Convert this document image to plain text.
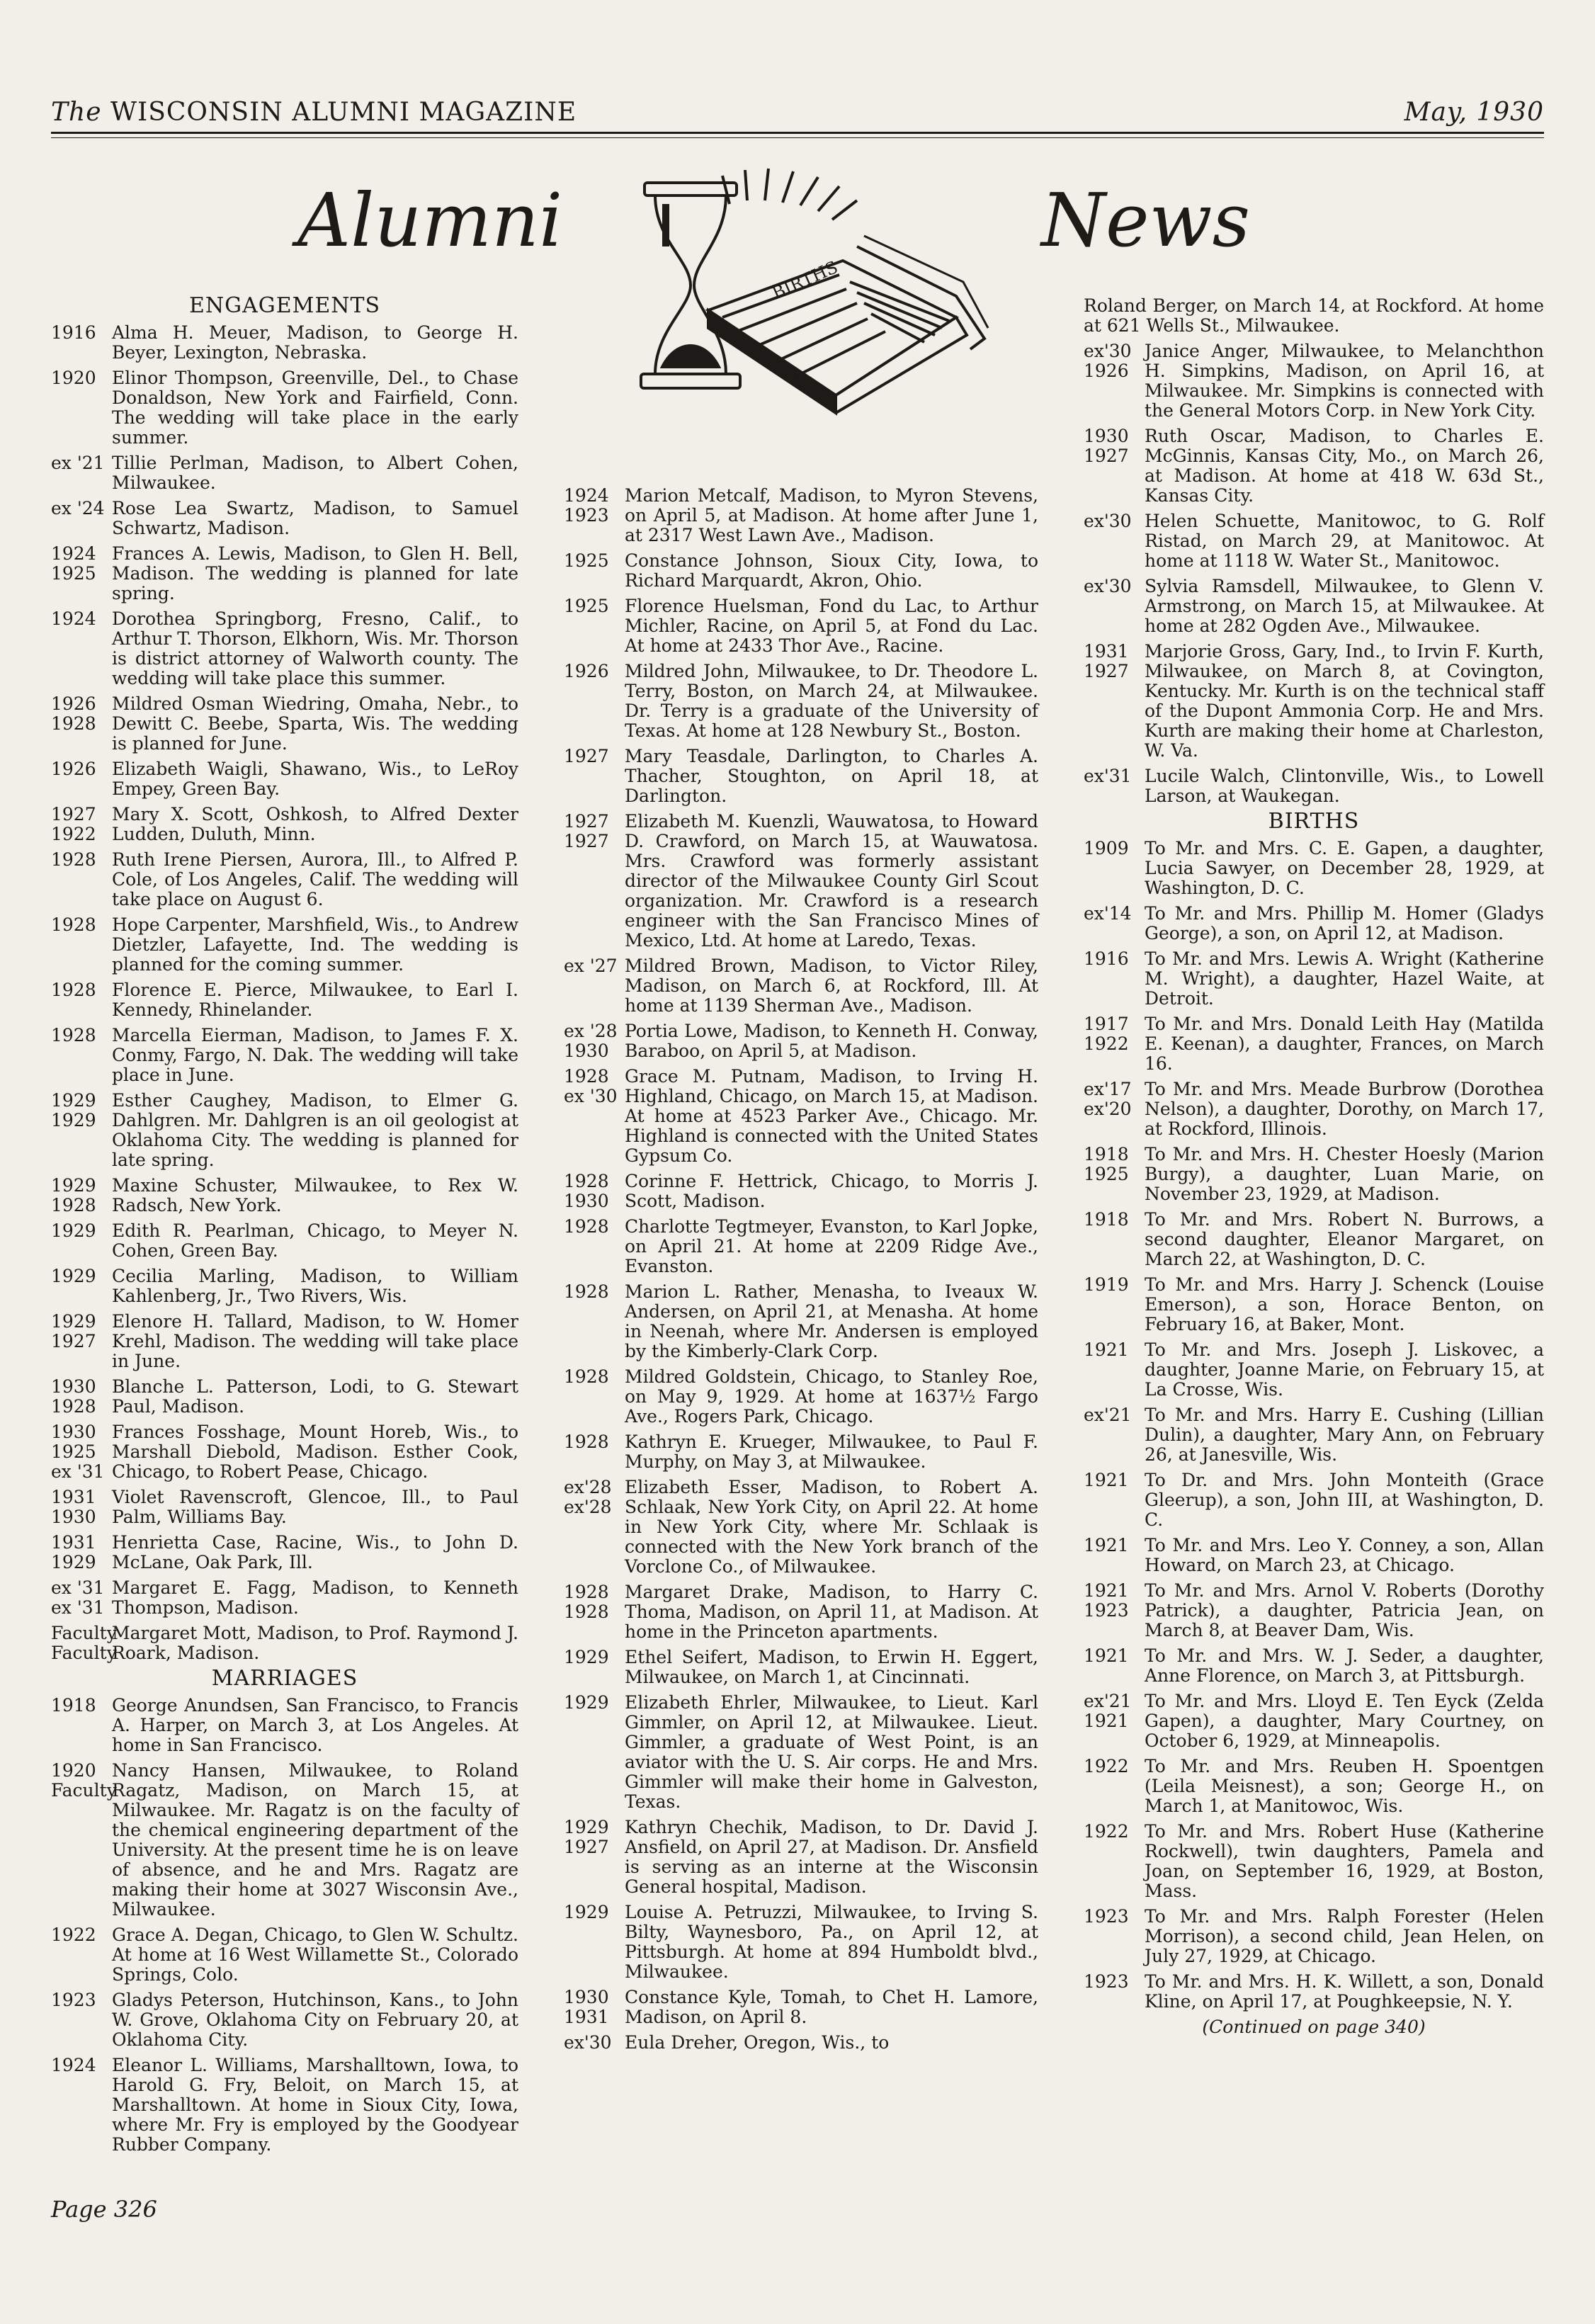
The WISCONSIN ALUMNI MAGAZINE	May, 1930
Alumni	News
BIRTHS
ENGAGEMENTS
1916 Alma H. Meuer, Madison, to George H. Beyer, Lexington, Nebraska.
1920 Elinor Thompson, Greenville, Del., to Chase Donaldson, New York and Fairfield, Conn. The wedding will take place in the early summer.
ex '21 Tillie Perlman, Madison, to Albert Cohen, Milwaukee.
ex '24 Rose Lea Swartz, Madison, to Samuel Schwartz, Madison.
1924
1925
Frances A. Lewis, Madison, to Glen H. Bell, Madison. The wedding is planned for late spring.
1924 Dorothea Springborg, Fresno, Calif., to Arthur T. Thorson, Elkhorn, Wis. Mr. Thorson is district attorney of Walworth county. The wedding will take place this summer.
1926
1928
Mildred Osman Wiedring, Omaha, Nebr., to Dewitt C. Beebe, Sparta, Wis. The wedding is planned for June.
1926 Elizabeth Waigli, Shawano, Wis., to LeRoy Empey, Green Bay.
1927
1922
Mary X. Scott, Oshkosh, to Alfred Dexter Ludden, Duluth, Minn.
1928 Ruth Irene Piersen, Aurora, Ill., to Alfred P. Cole, of Los Angeles, Calif. The wedding will take place on August 6.
1928 Hope Carpenter, Marshfield, Wis., to Andrew Dietzler, Lafayette, Ind. The wedding is planned for the coming summer.
1928 Florence E. Pierce, Milwaukee, to Earl I. Kennedy, Rhinelander.
1928 Marcella Eierman, Madison, to James F. X. Conmy, Fargo, N. Dak. The wedding will take place in June.
1929
1929
Esther Caughey, Madison, to Elmer G. Dahlgren. Mr. Dahlgren is an oil geologist at Oklahoma City. The wedding is planned for late spring.
1929
1928
Maxine Schuster, Milwaukee, to Rex W. Radsch, New York.
1929 Edith R. Pearlman, Chicago, to Meyer N. Cohen, Green Bay.
1929 Cecilia Marling, Madison, to William Kahlenberg, Jr., Two Rivers, Wis.
1929
1927
Elenore H. Tallard, Madison, to W. Homer Krehl, Madison. The wedding will take place in June.
1930
1928
Blanche L. Patterson, Lodi, to G. Stewart Paul, Madison.
1930
1925
ex '31
Frances Fosshage, Mount Horeb, Wis., to Marshall Diebold, Madison. Esther Cook, Chicago, to Robert Pease, Chicago.
1931
1930
Violet Ravenscroft, Glencoe, Ill., to Paul Palm, Williams Bay.
1931
1929
Henrietta Case, Racine, Wis., to John D. McLane, Oak Park, Ill.
ex '31
ex '31
Margaret E. Fagg, Madison, to Kenneth Thompson, Madison.
Faculty
Faculty
Margaret Mott, Madison, to Prof. Raymond J. Roark, Madison.
MARRIAGES
1918 George Anundsen, San Francisco, to Francis A. Harper, on March 3, at Los Angeles. At home in San Francisco.
1920
Faculty
Nancy Hansen, Milwaukee, to Roland Ragatz, Madison, on March 15, at Milwaukee. Mr. Ragatz is on the faculty of the chemical engineering department of the University. At the present time he is on leave of absence, and he and Mrs. Ragatz are making their home at 3027 Wisconsin Ave., Milwaukee.
1922 Grace A. Degan, Chicago, to Glen W. Schultz. At home at 16 West Willamette St., Colorado Springs, Colo.
1923 Gladys Peterson, Hutchinson, Kans., to John W. Grove, Oklahoma City on February 20, at Oklahoma City.
1924 Eleanor L. Williams, Marshalltown, Iowa, to Harold G. Fry, Beloit, on March 15, at Marshalltown. At home in Sioux City, Iowa, where Mr. Fry is employed by the Goodyear Rubber Company.
1924
1923
Marion Metcalf, Madison, to Myron Stevens, on April 5, at Madison. At home after June 1, at 2317 West Lawn Ave., Madison.
1925 Constance Johnson, Sioux City, Iowa, to Richard Marquardt, Akron, Ohio.
1925 Florence Huelsman, Fond du Lac, to Arthur Michler, Racine, on April 5, at Fond du Lac. At home at 2433 Thor Ave., Racine.
1926 Mildred John, Milwaukee, to Dr. Theodore L. Terry, Boston, on March 24, at Milwaukee. Dr. Terry is a graduate of the University of Texas. At home at 128 Newbury St., Boston.
1927 Mary Teasdale, Darlington, to Charles A. Thacher, Stoughton, on April 18, at Darlington.
1927
1927
Elizabeth M. Kuenzli, Wauwatosa, to Howard D. Crawford, on March 15, at Wauwatosa. Mrs. Crawford was formerly assistant director of the Milwaukee County Girl Scout organization. Mr. Crawford is a research engineer with the San Francisco Mines of Mexico, Ltd. At home at Laredo, Texas.
ex '27 Mildred Brown, Madison, to Victor Riley, Madison, on March 6, at Rockford, Ill. At home at 1139 Sherman Ave., Madison.
ex '28
1930
Portia Lowe, Madison, to Kenneth H. Conway, Baraboo, on April 5, at Madison.
1928
ex '30
Grace M. Putnam, Madison, to Irving H. Highland, Chicago, on March 15, at Madison. At home at 4523 Parker Ave., Chicago. Mr. Highland is connected with the United States Gypsum Co.
1928
1930
Corinne F. Hettrick, Chicago, to Morris J. Scott, Madison.
1928 Charlotte Tegtmeyer, Evanston, to Karl Jopke, on April 21. At home at 2209 Ridge Ave., Evanston.
1928 Marion L. Rather, Menasha, to Iveaux W. Andersen, on April 21, at Menasha. At home in Neenah, where Mr. Andersen is employed by the Kimberly-Clark Corp.
1928 Mildred Goldstein, Chicago, to Stanley Roe, on May 9, 1929. At home at 1637½ Fargo Ave., Rogers Park, Chicago.
1928 Kathryn E. Krueger, Milwaukee, to Paul F. Murphy, on May 3, at Milwaukee.
ex'28
ex'28
Elizabeth Esser, Madison, to Robert A. Schlaak, New York City, on April 22. At home in New York City, where Mr. Schlaak is connected with the New York branch of the Vorclone Co., of Milwaukee.
1928
1928
Margaret Drake, Madison, to Harry C. Thoma, Madison, on April 11, at Madison. At home in the Princeton apartments.
1929 Ethel Seifert, Madison, to Erwin H. Eggert, Milwaukee, on March 1, at Cincinnati.
1929 Elizabeth Ehrler, Milwaukee, to Lieut. Karl Gimmler, on April 12, at Milwaukee. Lieut. Gimmler, a graduate of West Point, is an aviator with the U. S. Air corps. He and Mrs. Gimmler will make their home in Galveston, Texas.
1929
1927
Kathryn Chechik, Madison, to Dr. David J. Ansfield, on April 27, at Madison. Dr. Ansfield is serving as an interne at the Wisconsin General hospital, Madison.
1929 Louise A. Petruzzi, Milwaukee, to Irving S. Bilty, Waynesboro, Pa., on April 12, at Pittsburgh. At home at 894 Humboldt blvd., Milwaukee.
1930
1931
Constance Kyle, Tomah, to Chet H. Lamore, Madison, on April 8.
ex'30 Eula Dreher, Oregon, Wis., to
Roland Berger, on March 14, at Rockford. At home at 621 Wells St., Milwaukee.
ex'30
1926
Janice Anger, Milwaukee, to Melanchthon H. Simpkins, Madison, on April 16, at Milwaukee. Mr. Simpkins is connected with the General Motors Corp. in New York City.
1930
1927
Ruth Oscar, Madison, to Charles E. McGinnis, Kansas City, Mo., on March 26, at Madison. At home at 418 W. 63d St., Kansas City.
ex'30 Helen Schuette, Manitowoc, to G. Rolf Ristad, on March 29, at Manitowoc. At home at 1118 W. Water St., Manitowoc.
ex'30 Sylvia Ramsdell, Milwaukee, to Glenn V. Armstrong, on March 15, at Milwaukee. At home at 282 Ogden Ave., Milwaukee.
1931
1927
Marjorie Gross, Gary, Ind., to Irvin F. Kurth, Milwaukee, on March 8, at Covington, Kentucky. Mr. Kurth is on the technical staff of the Dupont Ammonia Corp. He and Mrs. Kurth are making their home at Charleston, W. Va.
ex'31 Lucile Walch, Clintonville, Wis., to Lowell Larson, at Waukegan.
BIRTHS
1909 To Mr. and Mrs. C. E. Gapen, a daughter, Lucia Sawyer, on December 28, 1929, at Washington, D. C.
ex'14 To Mr. and Mrs. Phillip M. Homer (Gladys George), a son, on April 12, at Madison.
1916 To Mr. and Mrs. Lewis A. Wright (Katherine M. Wright), a daughter, Hazel Waite, at Detroit.
1917
1922
To Mr. and Mrs. Donald Leith Hay (Matilda E. Keenan), a daughter, Frances, on March 16.
ex'17
ex'20
To Mr. and Mrs. Meade Burbrow (Dorothea Nelson), a daughter, Dorothy, on March 17, at Rockford, Illinois.
1918
1925
To Mr. and Mrs. H. Chester Hoesly (Marion Burgy), a daughter, Luan Marie, on November 23, 1929, at Madison.
1918 To Mr. and Mrs. Robert N. Burrows, a second daughter, Eleanor Margaret, on March 22, at Washington, D. C.
1919 To Mr. and Mrs. Harry J. Schenck (Louise Emerson), a son, Horace Benton, on February 16, at Baker, Mont.
1921 To Mr. and Mrs. Joseph J. Liskovec, a daughter, Joanne Marie, on February 15, at La Crosse, Wis.
ex'21 To Mr. and Mrs. Harry E. Cushing (Lillian Dulin), a daughter, Mary Ann, on February 26, at Janesville, Wis.
1921 To Dr. and Mrs. John Monteith (Grace Gleerup), a son, John III, at Washington, D. C.
1921 To Mr. and Mrs. Leo Y. Conney, a son, Allan Howard, on March 23, at Chicago.
1921
1923
To Mr. and Mrs. Arnol V. Roberts (Dorothy Patrick), a daughter, Patricia Jean, on March 8, at Beaver Dam, Wis.
1921 To Mr. and Mrs. W. J. Seder, a daughter, Anne Florence, on March 3, at Pittsburgh.
ex'21
1921
To Mr. and Mrs. Lloyd E. Ten Eyck (Zelda Gapen), a daughter, Mary Courtney, on October 6, 1929, at Minneapolis.
1922 To Mr. and Mrs. Reuben H. Spoentgen (Leila Meisnest), a son; George H., on March 1, at Manitowoc, Wis.
1922 To Mr. and Mrs. Robert Huse (Katherine Rockwell), twin daughters, Pamela and Joan, on September 16, 1929, at Boston, Mass.
1923 To Mr. and Mrs. Ralph Forester (Helen Morrison), a second child, Jean Helen, on July 27, 1929, at Chicago.
1923 To Mr. and Mrs. H. K. Willett, a son, Donald Kline, on April 17, at Poughkeepsie, N. Y.
(Continued on page 340)
Page 326
